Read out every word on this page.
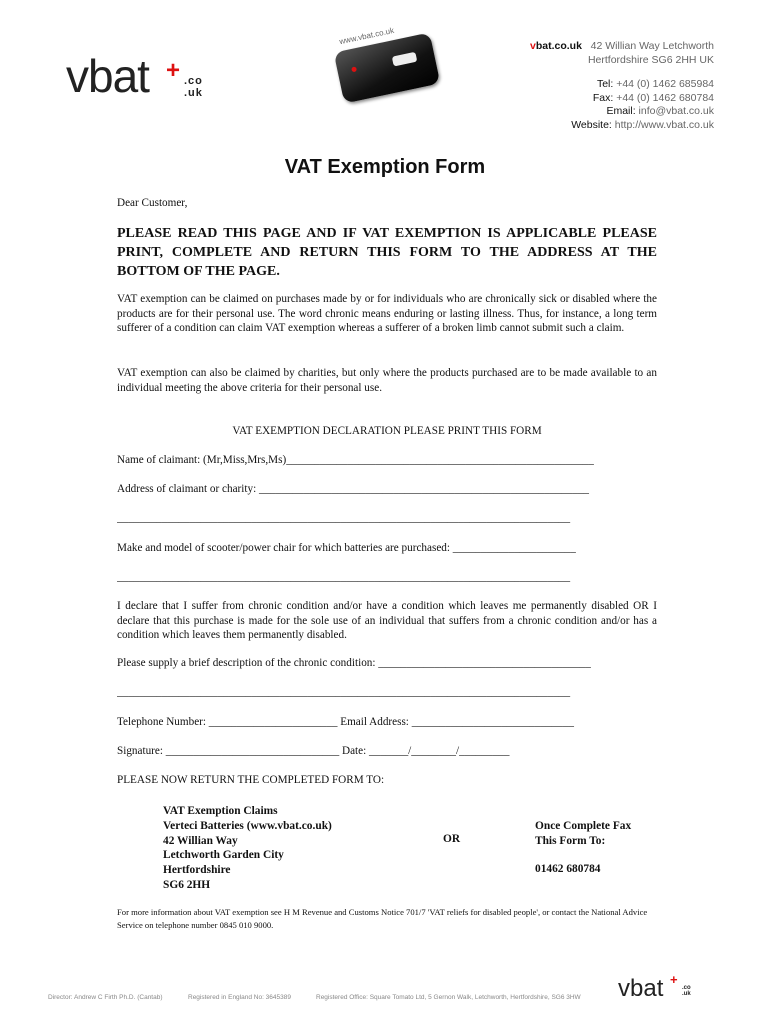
vbat + .co
.uk
www.vbat.co.uk	vbat.co.uk 42 Willian Way Letchworth
Hertfordshire SG6 2HH UK
Tel: +44 (0) 1462 685984
Fax: +44 (0) 1462 680784
Email: info@vbat.co.uk
Website: http://www.vbat.co.uk
VAT Exemption Form
Dear Customer,
PLEASE READ THIS PAGE AND IF VAT EXEMPTION IS APPLICABLE PLEASE PRINT, COMPLETE AND RETURN THIS FORM TO THE ADDRESS AT THE BOTTOM OF THE PAGE.
VAT exemption can be claimed on purchases made by or for individuals who are chronically sick or disabled where the products are for their personal use. The word chronic means enduring or lasting illness. Thus, for instance, a long term sufferer of a condition can claim VAT exemption whereas a sufferer of a broken limb cannot submit such a claim.
VAT exemption can also be claimed by charities, but only where the products purchased are to be made available to an individual meeting the above criteria for their personal use.
VAT EXEMPTION DECLARATION PLEASE PRINT THIS FORM
Name of claimant: (Mr,Miss,Mrs,Ms)_______________________________________________________
Address of claimant or charity: ___________________________________________________________
_________________________________________________________________________________
Make and model of scooter/power chair for which batteries are purchased: ______________________
_________________________________________________________________________________
I declare that I suffer from chronic condition and/or have a condition which leaves me permanently disabled OR I declare that this purchase is made for the sole use of an individual that suffers from a chronic condition and/or has a condition which leaves them permanently disabled.
Please supply a brief description of the chronic condition: ______________________________________
_________________________________________________________________________________
Telephone Number: _______________________ Email Address: _____________________________
Signature: _______________________________ Date: _______/________/_________
PLEASE NOW RETURN THE COMPLETED FORM TO:
VAT Exemption Claims
Verteci Batteries (www.vbat.co.uk)
42 Willian Way
Letchworth Garden City
Hertfordshire
SG6 2HH
OR
Once Complete Fax
This Form To:
01462 680784
For more information about VAT exemption see H M Revenue and Customs Notice 701/7 'VAT reliefs for disabled people', or contact the National Advice Service on telephone number 0845 010 9000.
Director: Andrew C Firth Ph.D. (Cantab)	Registered in England No: 3645389	Registered Office: Square Tomato Ltd, 5 Gernon Walk, Letchworth, Hertfordshire, SG6 3HW vbat +
.co
.uk
